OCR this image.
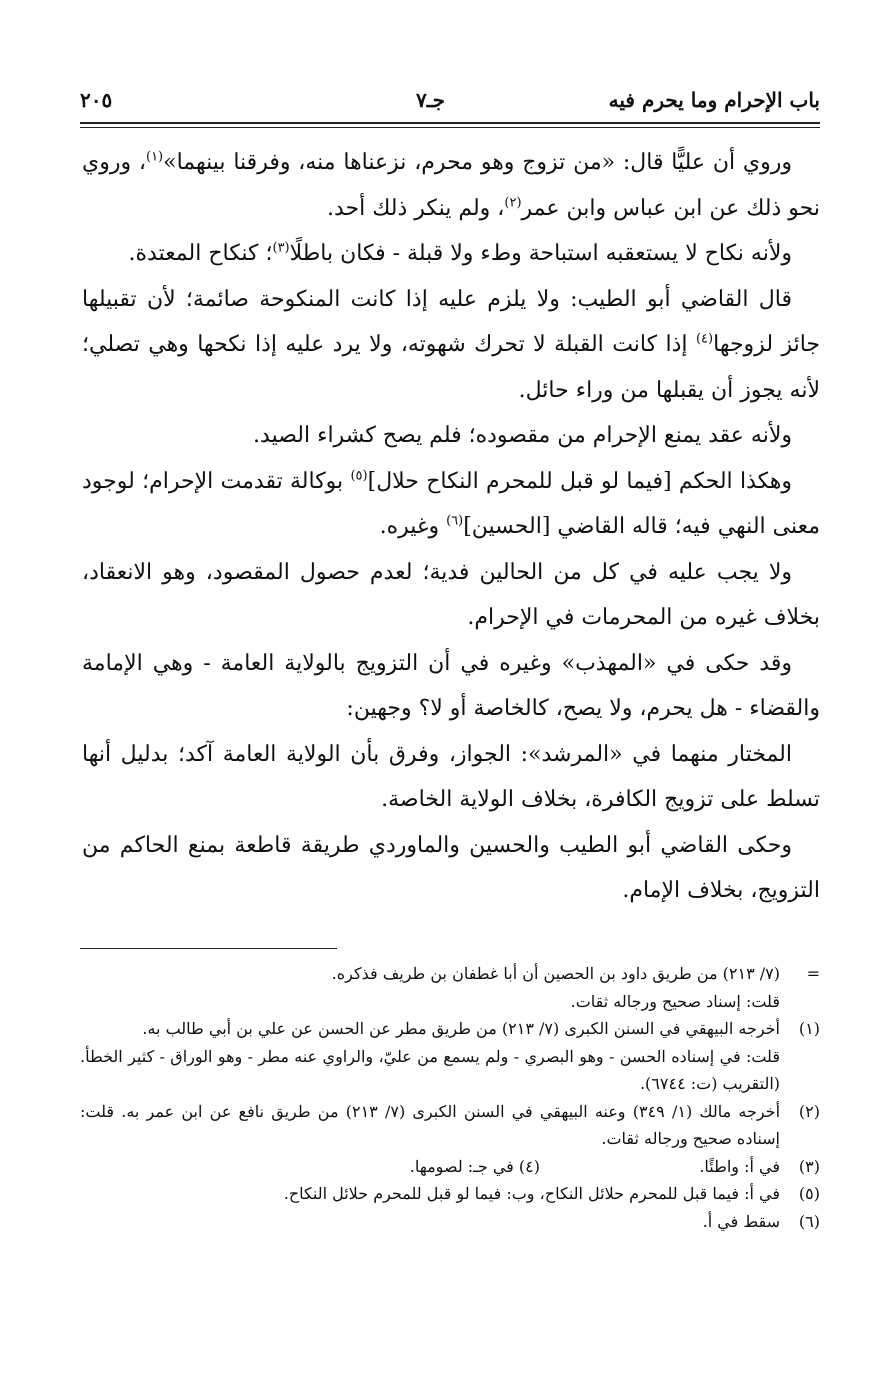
باب الإحرام وما يحرم فيه
جـ٧
٢٠٥

وروي أن عليًّا قال: «من تزوج وهو محرم، نزعناها منه، وفرقنا بينهما»$^{(١)}$، وروي نحو ذلك عن ابن عباس وابن عمر$^{(٢)}$، ولم ينكر ذلك أحد.

ولأنه نكاح لا يستعقبه استباحة وطء ولا قبلة - فكان باطلًا$^{(٣)}$؛ كنكاح المعتدة.

قال القاضي أبو الطيب: ولا يلزم عليه إذا كانت المنكوحة صائمة؛ لأن تقبيلها جائز لزوجها$^{(٤)}$ إذا كانت القبلة لا تحرك شهوته، ولا يرد عليه إذا نكحها وهي تصلي؛ لأنه يجوز أن يقبلها من وراء حائل.

ولأنه عقد يمنع الإحرام من مقصوده؛ فلم يصح كشراء الصيد.

وهكذا الحكم [فيما لو قبل للمحرم النكاح حلال]$^{(٥)}$ بوكالة تقدمت الإحرام؛ لوجود معنى النهي فيه؛ قاله القاضي [الحسين]$^{(٦)}$ وغيره.

ولا يجب عليه في كل من الحالين فدية؛ لعدم حصول المقصود، وهو الانعقاد، بخلاف غيره من المحرمات في الإحرام.

وقد حكى في «المهذب» وغيره في أن التزويج بالولاية العامة - وهي الإمامة والقضاء - هل يحرم، ولا يصح، كالخاصة أو لا؟ وجهين:

المختار منهما في «المرشد»: الجواز، وفرق بأن الولاية العامة آكد؛ بدليل أنها تسلط على تزويج الكافرة، بخلاف الولاية الخاصة.

وحكى القاضي أبو الطيب والحسين والماوردي طريقة قاطعة بمنع الحاكم من التزويج، بخلاف الإمام.

=
(٧/ ٢١٣) من طريق داود بن الحصين أن أبا غطفان بن طريف فذكره.
قلت: إسناد صحيح ورجاله ثقات.
(١)
أخرجه البيهقي في السنن الكبرى (٧/ ٢١٣) من طريق مطر عن الحسن عن علي بن أبي طالب به.
قلت: في إسناده الحسن - وهو البصري - ولم يسمع من عليّ، والراوي عنه مطر - وهو الوراق - كثير الخطأ. (التقريب (ت: ٦٧٤٤).
(٢)
أخرجه مالك (١/ ٣٤٩) وعنه البيهقي في السنن الكبرى (٧/ ٢١٣) من طريق نافع عن ابن عمر به. قلت: إسناده صحيح ورجاله ثقات.
(٣)
في أ: واطئًا.(٤) في جـ: لصومها.
(٥)
في أ: فيما قبل للمحرم حلائل النكاح، وب: فيما لو قبل للمحرم حلائل النكاح.
(٦)
سقط في أ.
